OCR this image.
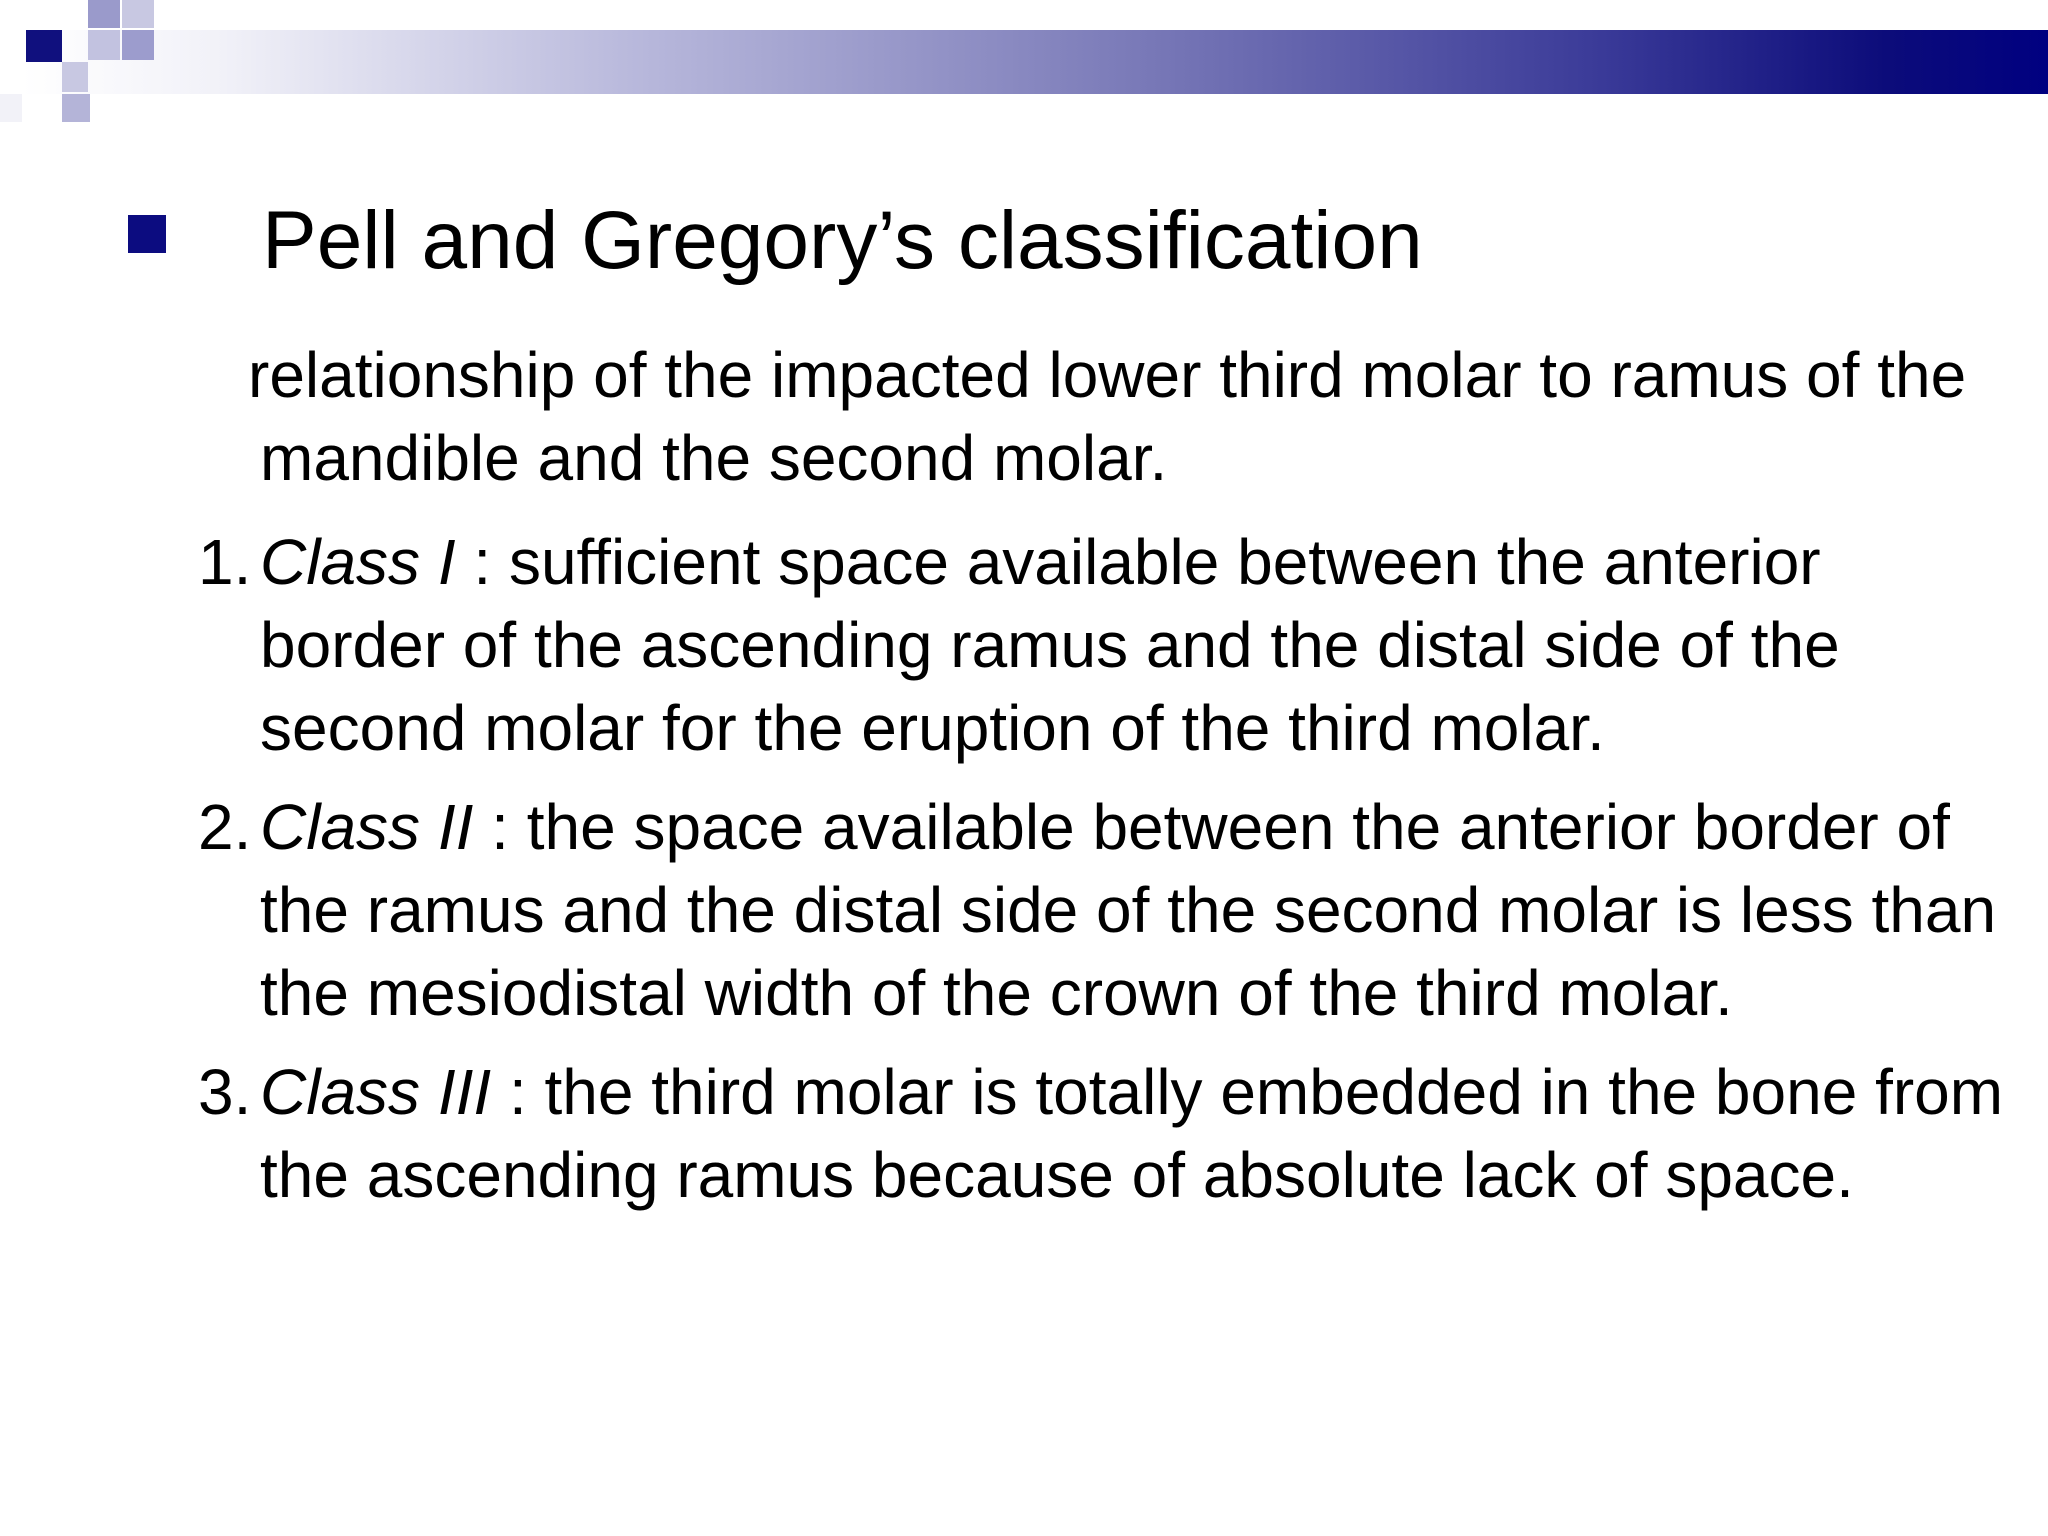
Pell and Gregory’s classification

relationship of the impacted lower third molar to ramus of the mandible and the second molar.

1. Class I : sufficient space available between the anterior border of the ascending ramus and the distal side of the second molar for the eruption of the third molar.
2. Class II : the space available between the anterior border of the ramus and the distal side of the second molar is less than the mesiodistal width of the crown of the third molar.
3. Class III : the third molar is totally embedded in the bone from the ascending ramus because of absolute lack of space.
